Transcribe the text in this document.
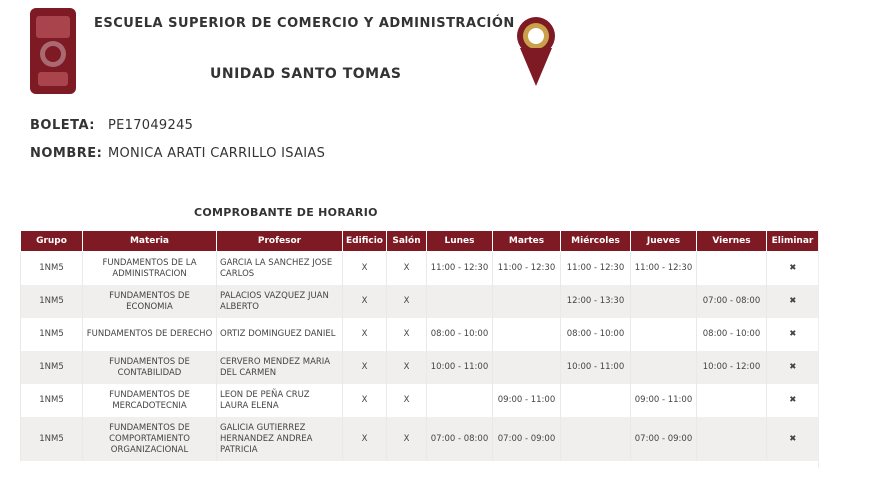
ESCUELA SUPERIOR DE COMERCIO Y ADMINISTRACIÓN
UNIDAD SANTO TOMAS
BOLETA: PE17049245
NOMBRE: MONICA ARATI CARRILLO ISAIAS
COMPROBANTE DE HORARIO
Grupo	Materia	Profesor	Edificio	Salón	Lunes	Martes	Miércoles	Jueves	Viernes	Eliminar
1NM5	FUNDAMENTOS DE LA ADMINISTRACION	GARCIA LA SANCHEZ JOSE CARLOS	X	X	11:00 - 12:30	11:00 - 12:30	11:00 - 12:30	11:00 - 12:30		✖
1NM5	FUNDAMENTOS DE ECONOMIA	PALACIOS VAZQUEZ JUAN ALBERTO	X	X			12:00 - 13:30		07:00 - 08:00	✖
1NM5	FUNDAMENTOS DE DERECHO	ORTIZ DOMINGUEZ DANIEL	X	X	08:00 - 10:00		08:00 - 10:00		08:00 - 10:00	✖
1NM5	FUNDAMENTOS DE CONTABILIDAD	CERVERO MENDEZ MARIA DEL CARMEN	X	X	10:00 - 11:00		10:00 - 11:00		10:00 - 12:00	✖
1NM5	FUNDAMENTOS DE MERCADOTECNIA	LEON DE PEÑA CRUZ LAURA ELENA	X	X		09:00 - 11:00		09:00 - 11:00		✖
1NM5	FUNDAMENTOS DE COMPORTAMIENTO ORGANIZACIONAL	GALICIA GUTIERREZ HERNANDEZ ANDREA PATRICIA	X	X	07:00 - 08:00	07:00 - 09:00		07:00 - 09:00		✖
